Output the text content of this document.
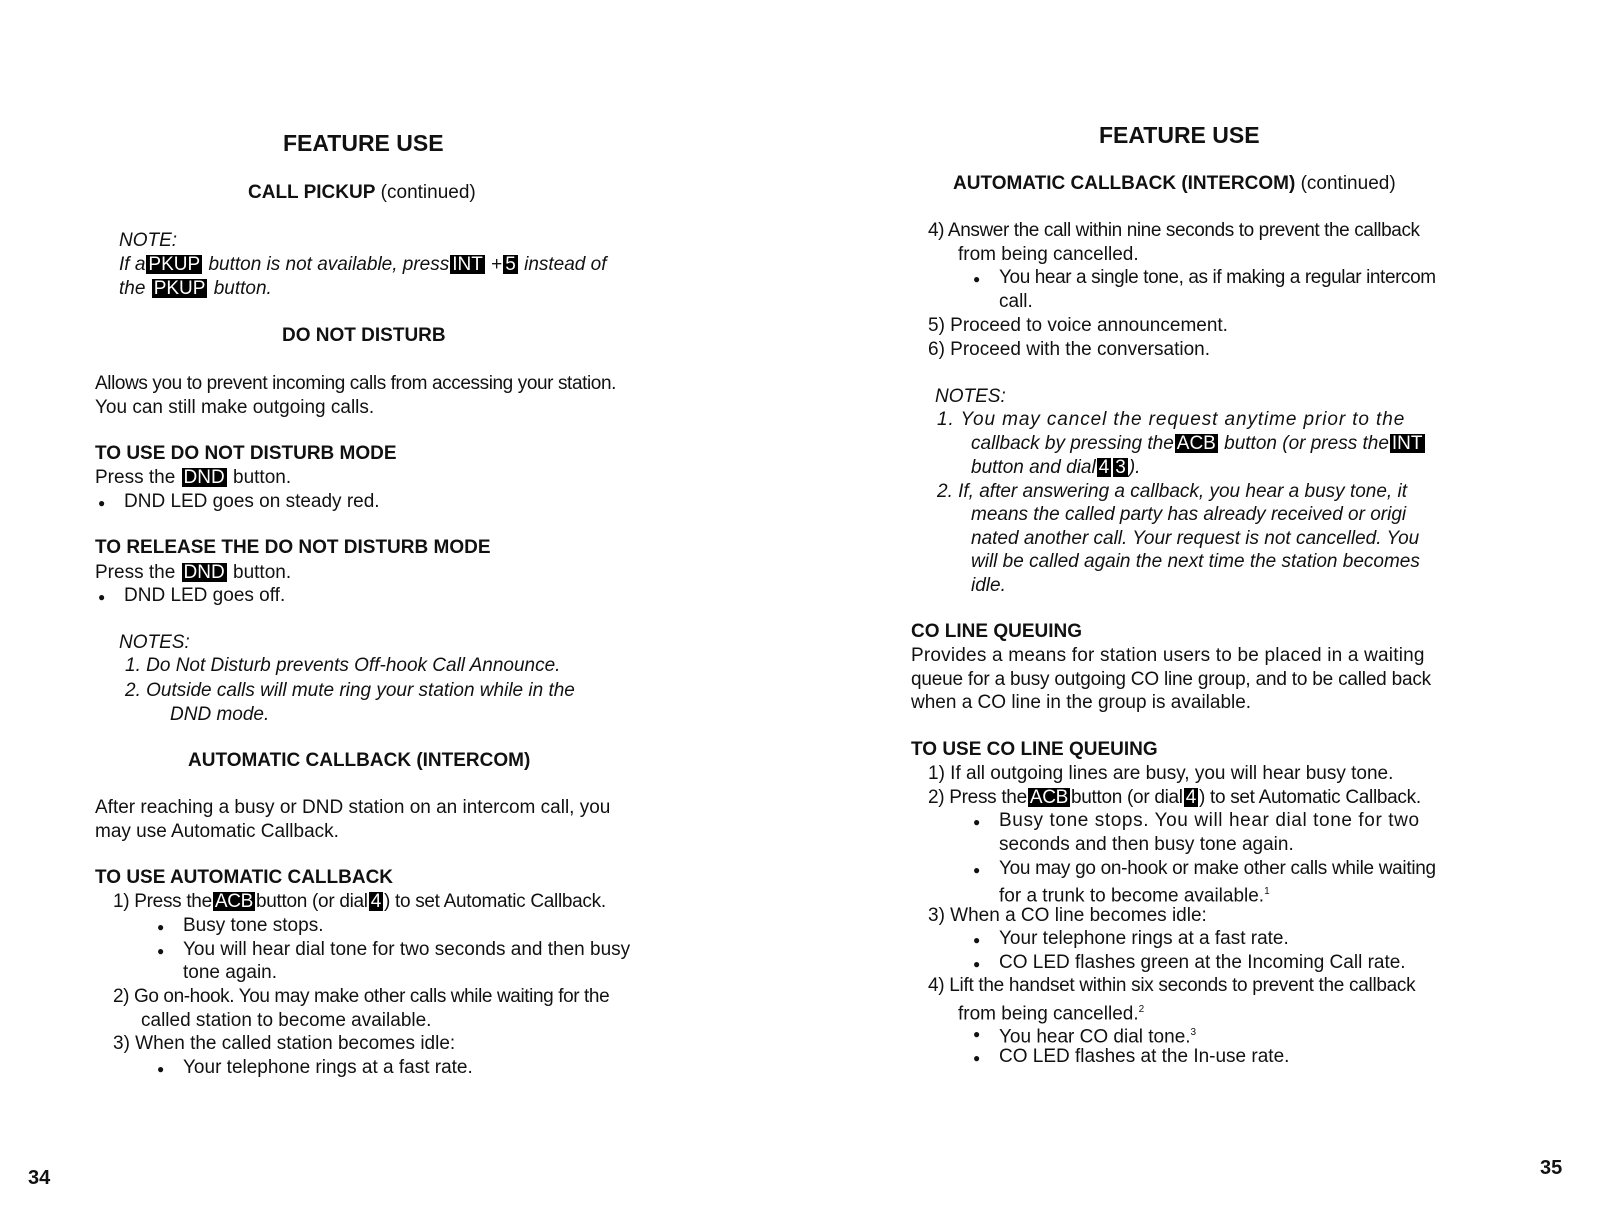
FEATURE USE

CALL PICKUP (continued)

NOTE:

If a PKUP button is not available, press INT + 5 instead of

the PKUP button.

DO NOT DISTURB

Allows you to prevent incoming calls from accessing your station.

You can still make outgoing calls.

TO USE DO NOT DISTURB MODE

Press the DND button.

DND LED goes on steady red.

TO RELEASE THE DO NOT DISTURB MODE

Press the DND button.

DND LED goes off.

NOTES:

1. Do Not Disturb prevents Off-hook Call Announce.

2. Outside calls will mute ring your station while in the

DND mode.

AUTOMATIC CALLBACK (INTERCOM)

After reaching a busy or DND station on an intercom call, you

may use Automatic Callback.

TO USE AUTOMATIC CALLBACK

1) Press the ACB button (or dial 4 ) to set Automatic Callback.

Busy tone stops.

You will hear dial tone for two seconds and then busy

tone again.

2) Go on-hook. You may make other calls while waiting for the

called station to become available.

3) When the called station becomes idle:

Your telephone rings at a fast rate.

34

FEATURE USE

AUTOMATIC CALLBACK (INTERCOM) (continued)

4) Answer the call within nine seconds to prevent the callback

from being cancelled.

You hear a single tone, as if making a regular intercom

call.

5) Proceed to voice announcement.

6) Proceed with the conversation.

NOTES:

1. You may cancel the request anytime prior to the

callback by pressing the ACB button (or press the INT

button and dial 4 3 ).

2. If, after answering a callback, you hear a busy tone, it

means the called party has already received or origi

nated another call. Your request is not cancelled. You

will be called again the next time the station becomes

idle.

CO LINE QUEUING

Provides a means for station users to be placed in a waiting

queue for a busy outgoing CO line group, and to be called back

when a CO line in the group is available.

TO USE CO LINE QUEUING

1) If all outgoing lines are busy, you will hear busy tone.

2) Press the ACB button (or dial 4 ) to set Automatic Callback.

Busy tone stops. You will hear dial tone for two

seconds and then busy tone again.

You may go on-hook or make other calls while waiting

for a trunk to become available.$^1$

3) When a CO line becomes idle:

Your telephone rings at a fast rate.

CO LED flashes green at the Incoming Call rate.

4) Lift the handset within six seconds to prevent the callback

from being cancelled.$^2$

You hear CO dial tone.$^3$

CO LED flashes at the In-use rate.

35
